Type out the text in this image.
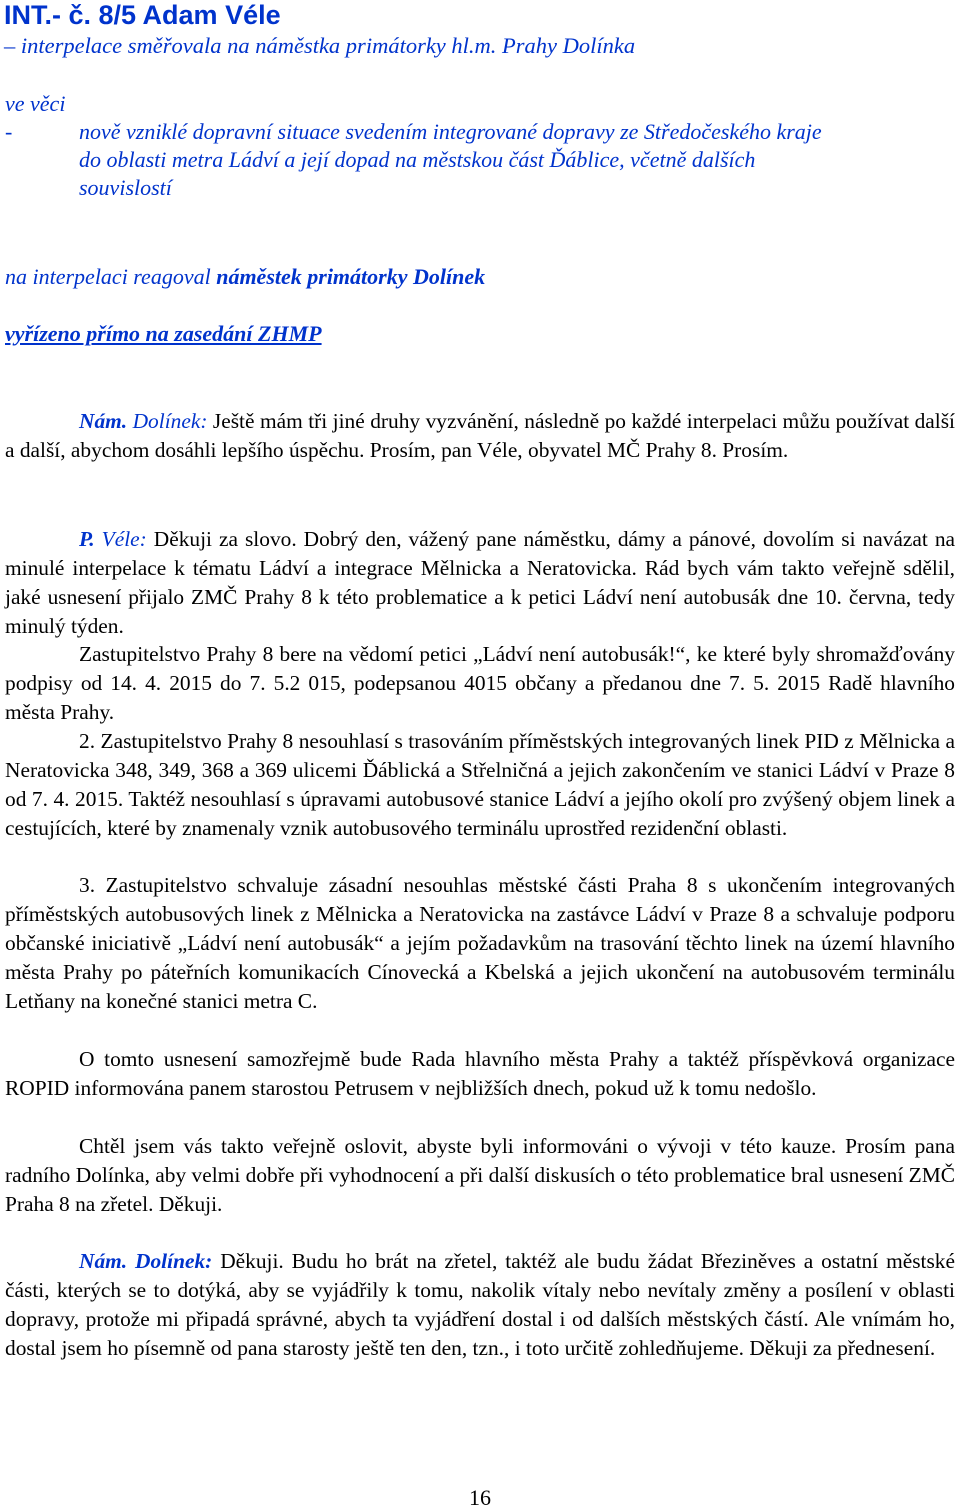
INT.- č. 8/5 Adam Véle
– interpelace směřovala na náměstka primátorky hl.m. Prahy Dolínka
ve věci
-	nově vzniklé dopravní situace svedením integrované dopravy ze Středočeského kraje
do oblasti metra Ládví a její dopad na městskou část Ďáblice, včetně dalších
souvislostí
na interpelaci reagoval náměstek primátorky Dolínek
vyřízeno přímo na zasedání ZHMP
Nám. Dolínek: Ještě mám tři jiné druhy vyzvánění, následně po každé interpelaci můžu používat další a další, abychom dosáhli lepšího úspěchu. Prosím, pan Véle, obyvatel MČ Prahy 8. Prosím.
P. Véle: Děkuji za slovo. Dobrý den, vážený pane náměstku, dámy a pánové, dovolím si navázat na minulé interpelace k tématu Ládví a integrace Mělnicka a Neratovicka. Rád bych vám takto veřejně sdělil, jaké usnesení přijalo ZMČ Prahy 8 k této problematice a k petici Ládví není autobusák dne 10. června, tedy minulý týden.
Zastupitelstvo Prahy 8 bere na vědomí petici „Ládví není autobusák!“, ke které byly shromažďovány podpisy od 14. 4. 2015 do 7. 5.2 015, podepsanou 4015 občany a předanou dne 7. 5. 2015 Radě hlavního města Prahy.
2. Zastupitelstvo Prahy 8 nesouhlasí s trasováním příměstských integrovaných linek PID z Mělnicka a Neratovicka 348, 349, 368 a 369 ulicemi Ďáblická a Střelničná a jejich zakončením ve stanici Ládví v Praze 8 od 7. 4. 2015. Taktéž nesouhlasí s úpravami autobusové stanice Ládví a jejího okolí pro zvýšený objem linek a cestujících, které by znamenaly vznik autobusového terminálu uprostřed rezidenční oblasti.
3. Zastupitelstvo schvaluje zásadní nesouhlas městské části Praha 8 s ukončením integrovaných příměstských autobusových linek z Mělnicka a Neratovicka na zastávce Ládví v Praze 8 a schvaluje podporu občanské iniciativě „Ládví není autobusák“ a jejím požadavkům na trasování těchto linek na území hlavního města Prahy po páteřních komunikacích Cínovecká a Kbelská a jejich ukončení na autobusovém terminálu Letňany na konečné stanici metra C.
O tomto usnesení samozřejmě bude Rada hlavního města Prahy a taktéž příspěvková organizace ROPID informována panem starostou Petrusem v nejbližších dnech, pokud už k tomu nedošlo.
Chtěl jsem vás takto veřejně oslovit, abyste byli informováni o vývoji v této kauze. Prosím pana radního Dolínka, aby velmi dobře při vyhodnocení a při další diskusích o této problematice bral usnesení ZMČ Praha 8 na zřetel. Děkuji.
Nám. Dolínek: Děkuji. Budu ho brát na zřetel, taktéž ale budu žádat Březiněves a ostatní městské části, kterých se to dotýká, aby se vyjádřily k tomu, nakolik vítaly nebo nevítaly změny a posílení v oblasti dopravy, protože mi připadá správné, abych ta vyjádření dostal i od dalších městských částí. Ale vnímám ho, dostal jsem ho písemně od pana starosty ještě ten den, tzn., i toto určitě zohledňujeme. Děkuji za přednesení.
16
